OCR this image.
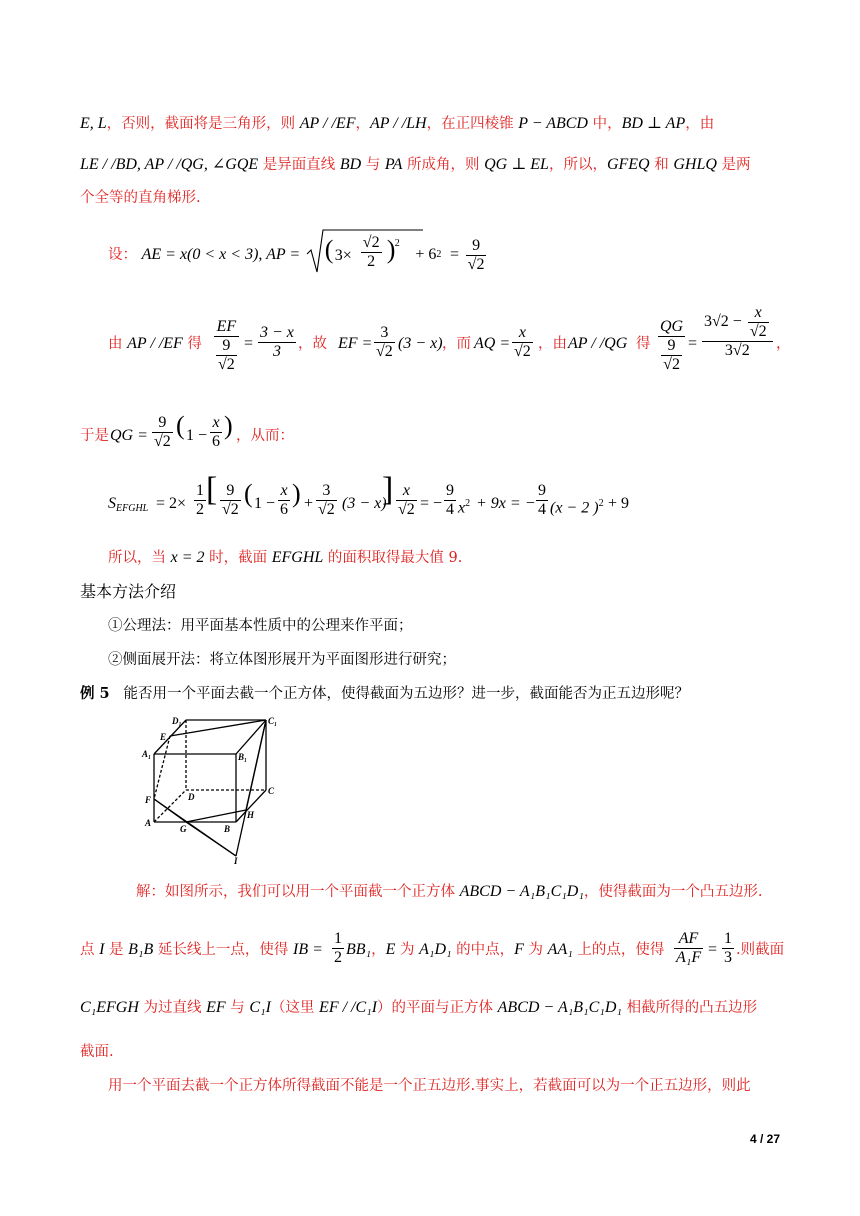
E, L，否则，截面将是三角形，则 AP / /EF，AP / /LH，在正四棱锥 P − ABCD 中，BD ⊥ AP，由
LE / /BD, AP / /QG, ∠GQE 是异面直线 BD 与 PA 所成角，则 QG ⊥ EL，所以，GFEQ 和 GHLQ 是两
个全等的直角梯形.
设： AE = x(0 < x < 3), AP = ( $3\times \frac{√2}{2}$ ) 2
+ $62 = \frac{9}{√2}$
由 AP / /EF 得 $\frac{EF}{\frac{9}{√2}} = \frac{3 - x}{3}$ ，故 EF = $\frac{3}{√2} (3 - x)$ ，而 AQ = $\frac{x}{√2}$ ，由 AP / /QG 得 $\frac{QG}{\frac{9}{√2}} = \frac{3√2 - \frac{x}{√2}}{3√2}$ ，
于是 QG = $\frac{9}{√2}$ ( $1 - \frac{x}{6}$ ) ，从而：
$S_{EFGHL} = 2\times \frac{1}{2}$ [ $\frac{9}{√2}$ ( $1 - \frac{x}{6}$ ) + $\frac{3}{√2} (3 - x)$
] $\frac{x}{√2}$ = − $\frac{9}{4} x^2 + 9x$ = − $\frac{9}{4} (x - 2$ )$^2$ + 9
所以，当 x = 2 时，截面 EFGHL 的面积取得最大值 9.
基本方法介绍
①公理法：用平面基本性质中的公理来作平面；
②侧面展开法：将立体图形展开为平面图形进行研究；
例 5 能否用一个平面去截一个正方体，使得截面为五边形？进一步，截面能否为正五边形呢？
D₁	C₁
E
A₁	B₁
D
C
F
G	B
H
A
I
解：如图所示，我们可以用一个平面截一个正方体 ABCD − A₁B₁C₁D₁，使得截面为一个凸五边形.
点 I 是 B₁B 延长线上一点，使得 IB = $\frac{1}{2} BB_1$，E 为 A₁D₁ 的中点，F 为 AA₁ 上的点，使得 $\frac{AF}{\text{A₁F}} = \frac{1}{3}$ .则截面
C₁EFGH 为过直线 EF 与 C₁I（这里 EF / /C₁I）的平面与正方体 ABCD − A₁B₁C₁D₁ 相截所得的凸五边形
截面.
用一个平面去截一个正方体所得截面不能是一个正五边形.事实上，若截面可以为一个正五边形，则此
4 / 27
